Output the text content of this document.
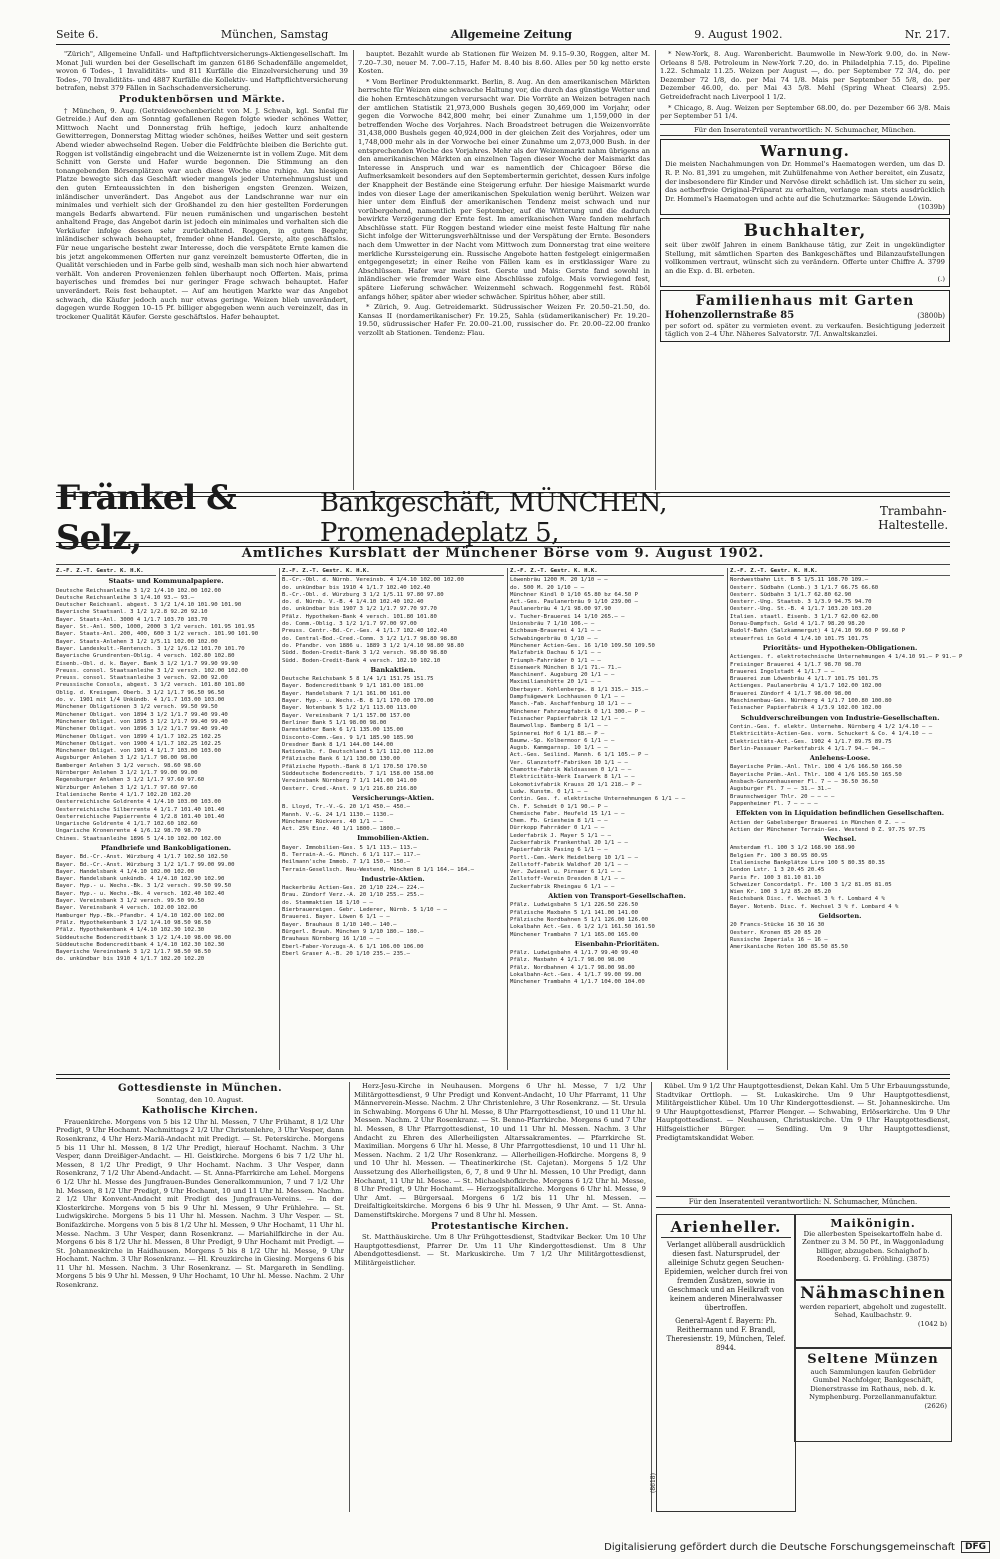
Seite 6.	München, Samstag	Allgemeine Zeitung	9. August 1902.	Nr. 217.

"Zürich", Allgemeine Unfall- und Haftpflichtversicherungs-Aktiengesellschaft. Im Monat Juli wurden bei der Gesellschaft im ganzen 6186 Schadenfälle angemeldet, wovon 6 Todes-, 1 Invaliditäts- und 811 Kurfälle die Einzelversicherung und 39 Todes-, 70 Invaliditäts- und 4887 Kurfälle die Kollektiv- und Haftpflichtversicherung betrafen, nebst 379 Fällen in Sachschadenversicherung.

Produktenbörsen und Märkte.

† München, 9. Aug. (Getreidewochenbericht von M. J. Schwab, kgl. Senfal für Getreide.) Auf den am Sonntag gefallenen Regen folgte wieder schönes Wetter, Mittwoch Nacht und Donnerstag früh heftige, jedoch kurz anhaltende Gewitterregen, Donnerstag Mittag wieder schönes, heißes Wetter und seit gestern Abend wieder abwechselnd Regen. Ueber die Feldfrüchte bleiben die Berichte gut. Roggen ist vollständig eingebracht und die Weizenernte ist in vollem Zuge. Mit dem Schnitt von Gerste und Hafer wurde begonnen. Die Stimmung an den tonangebenden Börsenplätzen war auch diese Woche eine ruhige. Am hiesigen Platze bewegte sich das Geschäft wieder mangels jeder Unternehmungslust und den guten Ernteaussichten in den bisherigen engsten Grenzen. Weizen, inländischer unverändert. Das Angebot aus der Landschranne war nur ein minimales und verhielt sich der Großhandel zu den hier gestellten Forderungen mangels Bedarfs abwartend. Für neuen rumänischen und ungarischen besteht anhaltend Frage, das Angebot darin ist jedoch ein minimales und verhalten sich die Verkäufer infolge dessen sehr zurückhaltend. Roggen, in gutem Begehr, inländischer schwach behauptet, fremder ohne Handel. Gerste, alte geschäftslos. Für neue ungarische besteht zwar Interesse, doch die verspätete Ernte kamen die bis jetzt angekommenen Offerten nur ganz vereinzelt bemusterte Offerten, die in Qualität verschieden und in Farbe gelb sind, weshalb man sich noch hier abwartend verhält. Von anderen Provenienzen fehlen überhaupt noch Offerten. Mais, prima bayerisches und fremdes bei nur geringer Frage schwach behauptet. Hafer unverändert. Reis fest behauptet. — Auf am heutigen Markte war das Angebot schwach, die Käufer jedoch auch nur etwas geringe. Weizen blieb unverändert, dagegen wurde Roggen 10–15 Pf. billiger abgegeben wenn auch vereinzelt, das in trockener Qualität Käufer. Gerste geschäftslos. Hafer behauptet.

bauptet. Bezahlt wurde ab Stationen für Weizen M. 9.15–9.30, Roggen, alter M. 7.20–7.30, neuer M. 7.00–7.15, Hafer M. 8.40 bis 8.60. Alles per 50 kg netto erste Kosten.

* Vom Berliner Produktenmarkt. Berlin, 8. Aug. An den amerikanischen Märkten herrschte für Weizen eine schwache Haltung vor, die durch das günstige Wetter und die hohen Ernteschätzungen verursacht war. Die Vorräte an Weizen betragen nach der amtlichen Statistik 21,973,000 Bushels gegen 30,469,000 im Vorjahr, oder gegen die Vorwoche 842,800 mehr, bei einer Zunahme um 1,159,000 in der betreffenden Woche des Vorjahres. Nach Broadstreet betrugen die Weizenvorräte 31,438,000 Bushels gegen 40,924,000 in der gleichen Zeit des Vorjahres, oder um 1,748,000 mehr als in der Vorwoche bei einer Zunahme um 2,073,000 Bush. in der entsprechenden Woche des Vorjahres. Mehr als der Weizenmarkt nahm übrigens an den amerikanischen Märkten an einzelnen Tagen dieser Woche der Maismarkt das Interesse in Anspruch und war es namentlich der Chicagoer Börse die Aufmerksamkeit besonders auf den Septembertermin gerichtet, dessen Kurs infolge der Knappheit der Bestände eine Steigerung erfuhr. Der hiesige Maismarkt wurde indes von dieser Lage der amerikanischen Spekulation wenig berührt. Weizen war hier unter dem Einfluß der amerikanischen Tendenz meist schwach und nur vorübergehend, namentlich per September, auf die Witterung und die dadurch bewirkte Verzögerung der Ernte fest. Im amerikanischen Ware fanden mehrfach Abschlüsse statt. Für Roggen bestand wieder eine meist feste Haltung für nahe Sicht infolge der Witterungsverhältnisse und der Verspätung der Ernte. Besonders nach dem Umwetter in der Nacht vom Mittwoch zum Donnerstag trat eine weitere merkliche Kurssteigerung ein. Russische Angebote hatten festgelegt einigermaßen entgegengesetzt; in einer Reihe von Fällen kam es in erstklassiger Ware zu Abschlüssen. Hafer war meist fest. Gerste und Mais: Gerste fand sowohl in inländischer wie fremder Ware eine Abschlüsse zufolge. Mais vorwiegend fest, spätere Lieferung schwächer. Weizenmehl schwach. Roggenmehl fest. Rüböl anfangs höher, später aber wieder schwächer. Spiritus höher, aber still.

* Zürich, 9. Aug. Getreidemarkt. Südrussischer Weizen Fr. 20.50–21.50, do. Kansas II (nordamerikanischer) Fr. 19.25, Sahla (südamerikanischer) Fr. 19.20–19.50, südrussischer Hafer Fr. 20.00–21.00, russischer do. Fr. 20.00–22.00 franko verzollt ab Stationen. Tendenz: Flau.

* New-York, 8. Aug. Warenbericht. Baumwolle in New-York 9.00, do. in New-Orleans 8 5/8. Petroleum in New-York 7.20, do. in Philadelphia 7.15, do. Pipeline 1.22. Schmalz 11.25. Weizen per August —, do. per September 72 3/4, do. per Dezember 72 1/8, do. per Mai 74 1/8. Mais per September 55 5/8, do. per Dezember 46.00, do. per Mai 43 5/8. Mehl (Spring Wheat Clears) 2.95. Getreidefracht nach Liverpool 1 1/2.

* Chicago, 8. Aug. Weizen per September 68.00, do. per Dezember 66 3/8. Mais per September 51 1/4.

Für den Inseratenteil verantwortlich: N. Schumacher, München.
Warnung.

Die meisten Nachahmungen von Dr. Hommel's Haematogen werden, um das D. R. P. No. 81,391 zu umgehen, mit Zuhülfenahme von Aether bereitet, ein Zusatz, der insbesondere für Kinder und Nervöse direkt schädlich ist. Um sicher zu sein, das aetherfreie Original-Präparat zu erhalten, verlange man stets ausdrücklich Dr. Hommel's Haematogen und achte auf die Schutzmarke: Säugende Löwin.

(1039b)
Buchhalter,

seit über zwölf Jahren in einem Bankhause tätig, zur Zeit in ungekündigter Stellung, mit sämtlichen Sparten des Bankgeschäftes und Bilanzaufstellungen vollkommen vertraut, wünscht sich zu verändern. Offerte unter Chiffre A. 3799 an die Exp. d. Bl. erbeten.

(.)
Familienhaus mit Garten
Hohenzollernstraße 85	(3800b)

per sofort od. später zu vermieten event. zu verkaufen. Besichtigung jederzeit täglich von 2–4 Uhr. Näheres Salvatorstr. 7/I. Anwaltskanzlei.

Fränkel & Selz,
Bankgeschäft, MÜNCHEN, Promenadeplatz 5,
Trambahn-Haltestelle.
Amtliches Kursblatt der Münchener Börse vom 9. August 1902.
Z.-F. Z.-T. Gestr. K. H.K.
Staats- und Kommunalpapiere.
Deutsche Reichsanleihe 3 1/2 1/4.10 102.00 102.00
Deutsche Reichsanleihe 3 1/4.10 93.— 93.—
Deutscher Reichsanl. abgest. 3 1/2 1/4.10 101.90 101.90
Bayerische Staatsanl. 3 1/2 1/2.8 92.20 92.10
Bayer. Staats-Anl. 3000 4 1/1.7 103.70 103.70
Bayer. St.-Anl. 500, 1000, 2000 3 1/2 versch. 101.95 101.95
Bayer. Staats-Anl. 200, 400, 600 3 1/2 versch. 101.90 101.90
Bayer. Staats-Anlehen 3 1/2 1/5.11 102.00 102.00
Bayer. Landeskult.-Rentensch. 3 1/2 1/6.12 101.70 101.70
Bayerische Grundrenten-Oblig. 4 versch. 102.80 102.80
Eisenb.-Obl. d. k. Bayer. Bank 3 1/2 1/1.7 99.90 99.90
Preuss. consol. Staatsanleihe 3 1/2 versch. 102.00 102.00
Preuss. consol. Staatsanleihe 3 versch. 92.00 92.00
Preussische Consols, abgest. 3 1/2 versch. 101.80 101.80
Oblig. d. Kreisgem. Oberb. 3 1/2 1/1.7 96.50 96.50
do. v. 1901 mit 1/4 Unkündb. 4 1/1.7 103.00 103.00
Münchener Obligationen 3 1/2 versch. 99.50 99.50
Münchener Obligat. von 1894 3 1/2 1/1.7 99.40 99.40
Münchener Obligat. von 1895 3 1/2 1/1.7 99.40 99.40
Münchener Obligat. von 1896 3 1/2 1/1.7 99.40 99.40
Münchener Obligat. von 1899 4 1/1.7 102.25 102.25
Münchener Obligat. von 1900 4 1/1.7 102.25 102.25
Münchener Obligat. von 1901 4 1/1.7 103.00 103.00
Augsburger Anlehen 3 1/2 1/1.7 98.00 98.00
Bamberger Anlehen 3 1/2 versch. 98.60 98.60
Nürnberger Anlehen 3 1/2 1/1.7 99.00 99.00
Regensburger Anlehen 3 1/2 1/1.7 97.60 97.60
Würzburger Anlehen 3 1/2 1/1.7 97.60 97.60
Italienische Rente 4 1/1.7 102.20 102.20
Oesterreichische Goldrente 4 1/4.10 103.00 103.00
Oesterreichische Silberrente 4 1/1.7 101.40 101.40
Oesterreichische Papierrente 4 1/2.8 101.40 101.40
Ungarische Goldrente 4 1/1.7 102.60 102.60
Ungarische Kronenrente 4 1/6.12 98.70 98.70
Chines. Staatsanleihe 1896 5 1/4.10 102.00 102.00
Pfandbriefe und Bankobligationen.
Bayer. Bd.-Cr.-Anst. Würzburg 4 1/1.7 102.50 102.50
Bayer. Bd.-Cr.-Anst. Würzburg 3 1/2 1/1.7 99.00 99.00
Bayer. Handelsbank 4 1/4.10 102.00 102.00
Bayer. Handelsbank unkündb. 4 1/4.10 102.90 102.90
Bayer. Hyp.- u. Wechs.-Bk. 3 1/2 versch. 99.50 99.50
Bayer. Hyp.- u. Wechs.-Bk. 4 versch. 102.40 102.40
Bayer. Vereinsbank 3 1/2 versch. 99.50 99.50
Bayer. Vereinsbank 4 versch. 102.00 102.00
Hamburger Hyp.-Bk.-Pfandbr. 4 1/4.10 102.00 102.00
Pfälz. Hypothekenbank 3 1/2 1/4.10 98.50 98.50
Pfälz. Hypothekenbank 4 1/4.10 102.30 102.30
Süddeutsche Bodencreditbank 3 1/2 1/4.10 98.00 98.00
Süddeutsche Bodencreditbank 4 1/4.10 102.30 102.30
Bayerische Vereinsbank 3 1/2 1/1.7 98.50 98.50
do. unkündbar bis 1910 4 1/1.7 102.20 102.20
Z.-F. Z.-T. Gestr. K. H.K.
B.-Cr.-Obl. d. Nürnb. Vereinsb. 4 1/4.10 102.00 102.00
do. unkündbar bis 1910 4 1/1.7 102.40 102.40
B.-Cr.-Obl. d. Würzburg 3 1/2 1/5.11 97.80 97.80
do. d. Nürnb. V.-B. 4 1/4.10 102.40 102.40
do. unkündbar bis 1907 3 1/2 1/1.7 97.70 97.70
Pfälz. Hypotheken-Bank 4 versch. 101.80 101.80
do. Comm.-Oblig. 3 1/2 1/1.7 97.00 97.00
Preuss. Centr.-Bd.-Cr.-Ges. 4 1/1.7 102.40 102.40
do. Central-Bod.-Cred.-Comm. 3 1/2 1/1.7 98.80 98.80
do. Pfandbr. von 1886 u. 1889 3 1/2 1/4.10 98.80 98.80
Südd. Boden-Credit-Bank 3 1/2 versch. 98.80 98.80
Südd. Boden-Credit-Bank 4 versch. 102.10 102.10
Bankaktien.
Deutsche Reichsbank 5 8 1/4 1/1 151.75 151.75
Bayer. Bodencreditbank 9 1/1 181.00 181.00
Bayer. Handelsbank 7 1/1 161.00 161.00
Bayer. Hyp.- u. Wechs.-B. 8 1/1 170.00 170.00
Bayer. Notenbank 5 1/2 1/1 113.00 113.00
Bayer. Vereinsbank 7 1/1 157.00 157.00
Berliner Bank 5 1/1 98.00 98.00
Darmstädter Bank 6 1/1 135.00 135.00
Disconto-Comm.-Ges. 9 1/1 185.90 185.90
Dresdner Bank 8 1/1 144.00 144.00
Nationalb. f. Deutschland 5 1/1 112.00 112.00
Pfälzische Bank 6 1/1 130.00 130.00
Pfälzische Hypoth.-Bank 8 1/1 170.50 170.50
Süddeutsche Bodencreditb. 7 1/1 158.00 158.00
Vereinsbank Nürnberg 7 1/1 141.00 141.00
Oesterr. Cred.-Anst. 9 1/1 216.80 216.80
Versicherungs-Aktien.
B. Lloyd, Tr.-V.-G. 20 1/1 450.— 450.—
Mannh. V.-G. 24 1/1 1130.— 1130.—
Münchener Rückvers. 40 1/1 — —
Act. 25% Einz. 40 1/1 1800.— 1800.—
Immobilien-Aktien.
Bayer. Immobilien-Ges. 5 1/1 113.— 113.—
B. Terrain-A.-G. Münch. 6 1/1 117.— 117.—
Heilmann'sche Immob. 7 1/1 150.— 150.—
Terrain-Gesellsch. Neu-Westend, München 8 1/1 164.— 164.—
Industrie-Aktien.
Hackerbräu Actien-Ges. 20 1/10 224.— 224.—
Brau. Zündorf Verz.-A. 20 1/10 255.— 255.—
do. Stammaktien 18 1/10 — —
Bierbrauereigen. Gebr. Lederer, Nürnb. 5 1/10 — —
Brauerei. Bayer. Löwen 6 1/1 — —
Bayer. Brauhaus 8 1/10 140.— 140.—
Bürgerl. Brauh. München 9 1/10 180.— 180.—
Brauhaus Nürnberg 16 1/10 — —
Eberl-Faber-Vorzugs-A. 6 1/1 106.00 106.00
Eberl Graser A.-B. 20 1/10 235.— 235.—
Z.-F. Z.-T. Gestr. K. H.K.
Löwenbräu 1200 M. 20 1/10 — —
do. 500 M. 20 1/10 — —
Münchner Kindl 0 1/10 65.80 bz 64.50 P
Act.-Ges. Paulanerbräu 9 1/10 239.00 —
Paulanerbräu 4 1/1 98.00 97.90
v. Tucher-Brauerei 14 1/10 265.— —
Unionsbräu 7 1/10 106.— —
Eichbaum-Brauerei 4 1/1 — —
Schwabingerbräu 0 1/10 — —
Münchener Actien-Ges. 16 1/10 109.50 109.50
Malzfabrik Dachau 6 1/1 — —
Triumph-Fahrräder 0 1/1 — —
Eisenwerk München 8 1/1 71.— 71.—
Maschinenf. Augsburg 20 1/1 — —
Maximilianshütte 20 1/1 — —
Oberbayer. Kohlenbergw. 8 1/1 315.— 315.—
Dampfsägewerk Lochhausen 0 1/1 — —
Masch.-Fab. Aschaffenburg 10 1/1 — —
Münchener Fahrzeugfabrik 0 1/1 300.— P —
Teisnacher Papierfabrik 12 1/1 — —
Baumwollsp. Bamberg 8 1/1 — —
Spinnerei Hof 6 1/1 88.— P —
Baumw.-Sp. Kolbermoor 6 1/1 — —
Augsb. Kammgarnsp. 10 1/1 — —
Act.-Ges. Seilind. Mannh. 6 1/1 105.— P —
Ver. Glanzstoff-Fabriken 10 1/1 — —
Chamotte-Fabrik Waldsassen 0 1/1 — —
Elektricitäts-Werk Isarwerk 8 1/1 — —
Lokomotivfabrik Krauss 20 1/1 218.— P —
Ludw. Kunstm. 0 1/1 — —
Contin. Ges. f. elektrische Unternehmungen 6 1/1 — —
Ch. F. Schmidt 0 1/1 90.— P —
Chemische Fabr. Heufeld 15 1/1 — —
Chem. Fb. Griesheim 8 1/1 — —
Dürrkopp Fahrräder 0 1/1 — —
Lederfabrik J. Mayer 5 1/1 — —
Zuckerfabrik Frankenthal 20 1/1 — —
Papierfabrik Pasing 6 1/1 — —
Portl.-Cem.-Werk Heidelberg 10 1/1 — —
Zellstoff-Fabrik Waldhof 20 1/1 — —
Ver. Zwiesel u. Pirnaer 6 1/1 — —
Zellstoff-Verein Dresden 8 1/1 — —
Zuckerfabrik Rheingau 6 1/1 — —
Aktien von Transport-Gesellschaften.
Pfälz. Ludwigsbahn 5 1/1 226.50 226.50
Pfälzische Maxbahn 5 1/1 141.00 141.00
Pfälzische Nordbahnen 5 1/1 126.00 126.00
Lokalbahn Act.-Ges. 6 1/2 1/1 161.50 161.50
Münchener Trambahn 7 1/1 165.00 165.00
Eisenbahn-Prioritäten.
Pfälz. Ludwigsbahn 4 1/1.7 99.40 99.40
Pfälz. Maxbahn 4 1/1.7 98.00 98.00
Pfälz. Nordbahnen 4 1/1.7 98.00 98.00
Lokalbahn-Act.-Ges. 4 1/1.7 99.00 99.00
Münchener Trambahn 4 1/1.7 104.00 104.00
Z.-F. Z.-T. Gestr. K. H.K.
Nordwestbahn Lit. B 5 1/5.11 108.70 109.—
Oesterr. Südbahn (Lomb.) 3 1/1.7 66.75 66.60
Oesterr. Südbahn 3 1/1.7 62.80 62.90
Oesterr.-Ung. Staatsb. 3 1/3.9 94.75 94.70
Oesterr.-Ung. St.-B. 4 1/1.7 103.20 103.20
Italien. staatl. Eisenb. 3 1/1.7 62.00 62.00
Donau-Dampfsch. Gold 4 1/1.7 98.20 98.20
Rudolf-Bahn (Salzkammergut) 4 1/4.10 99.60 P 99.60 P
steuerfrei in Gold 4 1/4.10 101.75 101.75
Prioritäts- und Hypotheken-Obligationen.
Actienges. f. elektrotechnische Unternehmungen 4 1/4.10 91.— P 91.— P
Freisinger Brauerei 4 1/1.7 98.70 98.70
Brauerei Ingolstadt 4 1/1.7 — —
Brauerei zum Löwenbräu 4 1/1.7 101.75 101.75
Actienges. Paulanerbräu 4 1/1.7 102.00 102.00
Brauerei Zündorf 4 1/1.7 98.00 98.00
Maschinenbau-Ges. Nürnberg 4 1/1.7 100.80 100.80
Teisnacher Papierfabrik 4 1/3.9 102.00 102.00
Schuldverschreibungen von Industrie-Gesellschaften.
Contin.-Ges. f. elektr. Unternehm. Nürnberg 4 1/2 1/4.10 — —
Elektricitäts-Actien-Ges. vorm. Schuckert & Co. 4 1/4.10 — —
Elektricitäts-Act.-Ges. 1902 4 1/1.7 89.75 89.75
Berlin-Passauer Parketfabrik 4 1/1.7 94.— 94.—
Anlehens-Loose.
Bayerische Präm.-Anl. Thlr. 100 4 1/6 166.50 166.50
Bayerische Präm.-Anl. Thlr. 100 4 1/6 165.50 165.50
Ansbach-Gunzenhausener Fl. 7 — — 36.50 36.50
Augsburger Fl. 7 — — 31.— 31.—
Braunschweiger Thlr. 20 — — — —
Pappenheimer Fl. 7 — — — —
Effekten von in Liquidation befindlichen Gesellschaften.
Actien der Gabelsberger Brauerei in München 0 Z. — —
Actien der Münchener Terrain-Ges. Westend 0 Z. 97.75 97.75
Wechsel.
Amsterdam fl. 100 3 1/2 168.90 168.90
Belgien Fr. 100 3 80.95 80.95
Italienische Bankplätze Lire 100 5 80.35 80.35
London Lstr. 1 3 20.45 20.45
Paris Fr. 100 3 81.10 81.10
Schweizer Concordatpl. Fr. 100 3 1/2 81.05 81.05
Wien Kr. 100 3 1/2 85.20 85.20
Reichsbank Disc. f. Wechsel 3 % f. Lombard 4 %
Bayer. Notenb. Disc. f. Wechsel 3 % f. Lombard 4 %
Geldsorten.
20 Francs-Stücke 16 30 16 30
Oesterr. Kronen 85 20 85 20
Russische Imperials 16 — 16 —
Amerikanische Noten 100 85.50 85.50
Gottesdienste in München.
Sonntag, den 10. August.
Katholische Kirchen.

Frauenkirche. Morgens von 5 bis 12 Uhr hl. Messen, 7 Uhr Frühamt, 8 1/2 Uhr Predigt, 9 Uhr Hochamt. Nachmittags 2 1/2 Uhr Christenlehre, 3 Uhr Vesper, dann Rosenkranz, 4 Uhr Herz-Mariä-Andacht mit Predigt. — St. Peterskirche. Morgens 5 bis 11 Uhr hl. Messen, 8 1/2 Uhr Predigt, hierauf Hochamt. Nachm. 3 Uhr Vesper, dann Dreißiger-Andacht. — Hl. Geistkirche. Morgens 6 bis 7 1/2 Uhr hl. Messen, 8 1/2 Uhr Predigt, 9 Uhr Hochamt. Nachm. 3 Uhr Vesper, dann Rosenkranz, 7 1/2 Uhr Abend-Andacht. — St. Anna-Pfarrkirche am Lehel. Morgens 6 1/2 Uhr hl. Messe des Jungfrauen-Bundes Generalkommunion, 7 und 7 1/2 Uhr hl. Messen, 8 1/2 Uhr Predigt, 9 Uhr Hochamt, 10 und 11 Uhr hl. Messen. Nachm. 2 1/2 Uhr Konvent-Andacht mit Predigt des Jungfrauen-Vereins. — In der Klosterkirche. Morgens von 5 bis 9 Uhr hl. Messen, 9 Uhr Frühlehre. — St. Ludwigskirche. Morgens 5 bis 11 Uhr hl. Messen. Nachm. 3 Uhr Vesper. — St. Bonifazkirche. Morgens von 5 bis 8 1/2 Uhr hl. Messen, 9 Uhr Hochamt, 11 Uhr hl. Messe. Nachm. 3 Uhr Vesper, dann Rosenkranz. — Mariahilfkirche in der Au. Morgens 6 bis 8 1/2 Uhr hl. Messen, 8 Uhr Predigt, 9 Uhr Hochamt mit Predigt. — St. Johanneskirche in Haidhausen. Morgens 5 bis 8 1/2 Uhr hl. Messe, 9 Uhr Hochamt. Nachm. 3 Uhr Rosenkranz. — Hl. Kreuzkirche in Giesing. Morgens 6 bis 11 Uhr hl. Messen. Nachm. 3 Uhr Rosenkranz. — St. Margareth in Sendling. Morgens 5 bis 9 Uhr hl. Messen, 9 Uhr Hochamt, 10 Uhr hl. Messe. Nachm. 2 Uhr Rosenkranz.

Herz-Jesu-Kirche in Neuhausen. Morgens 6 Uhr hl. Messe, 7 1/2 Uhr Militärgottesdienst, 9 Uhr Predigt und Konvent-Andacht, 10 Uhr Pfarramt, 11 Uhr Männerverein-Messe. Nachm. 2 Uhr Christenlehre, 3 Uhr Rosenkranz. — St. Ursula in Schwabing. Morgens 6 Uhr hl. Messe, 8 Uhr Pfarrgottesdienst, 10 und 11 Uhr hl. Messen. Nachm. 2 Uhr Rosenkranz. — St. Benno-Pfarrkirche. Morgens 6 und 7 Uhr hl. Messen, 8 Uhr Pfarrgottesdienst, 10 und 11 Uhr hl. Messen. Nachm. 3 Uhr Andacht zu Ehren des Allerheiligsten Altarssakramentes. — Pfarrkirche St. Maximilian. Morgens 6 Uhr hl. Messe, 8 Uhr Pfarrgottesdienst, 10 und 11 Uhr hl. Messen. Nachm. 2 1/2 Uhr Rosenkranz. — Allerheiligen-Hofkirche. Morgens 8, 9 und 10 Uhr hl. Messen. — Theatinerkirche (St. Cajetan). Morgens 5 1/2 Uhr Aussetzung des Allerheiligsten, 6, 7, 8 und 9 Uhr hl. Messen, 10 Uhr Predigt, dann Hochamt, 11 Uhr hl. Messe. — St. Michaelshofkirche. Morgens 6 1/2 Uhr hl. Messe, 8 Uhr Predigt, 9 Uhr Hochamt. — Herzogspitalkirche. Morgens 6 Uhr hl. Messe, 9 Uhr Amt. — Bürgersaal. Morgens 6 1/2 bis 11 Uhr hl. Messen. — Dreifaltigkeitskirche. Morgens 6 bis 9 Uhr hl. Messen, 9 Uhr Amt. — St. Anna-Damenstiftskirche. Morgens 7 und 8 Uhr hl. Messen.

Protestantische Kirchen.

St. Matthäuskirche. Um 8 Uhr Frühgottesdienst, Stadtvikar Becker. Um 10 Uhr Hauptgottesdienst, Pfarrer Dr. Um 11 Uhr Kindergottesdienst. Um 8 Uhr Abendgottesdienst. — St. Markuskirche. Um 7 1/2 Uhr Militärgottesdienst, Militärgeistlicher.

Kübel. Um 9 1/2 Uhr Hauptgottesdienst, Dekan Kahl. Um 5 Uhr Erbauungsstunde, Stadtvikar Orttloph. — St. Lukaskirche. Um 9 Uhr Hauptgottesdienst, Militärgeistlicher Kübel. Um 10 Uhr Kindergottesdienst. — St. Johanneskirche. Um 9 Uhr Hauptgottesdienst, Pfarrer Plenger. — Schwabing, Erlöserkirche. Um 9 Uhr Hauptgottesdienst. — Neuhausen, Christuskirche. Um 9 Uhr Hauptgottesdienst, Hilfsgeistlicher Bürger. — Sendling. Um 9 Uhr Hauptgottesdienst, Predigtamtskandidat Weber.

Für den Inseratenteil verantwortlich: N. Schumacher, München.
Arienheller.

Verlanget allüberall ausdrücklich diesen fast. Natursprudel, der alleinige Schutz gegen Seuchen-Epidemien, welcher durch frei von fremden Zusätzen, sowie in Geschmack und an Heilkraft von keinem anderen Mineralwasser übertroffen.

General-Agent f. Bayern: Ph. Reithermann und F. Brandl, Theresienstr. 19, München, Telef. 8944.

(8618)
Maikönigin.
Die allerbesten Speisekartoffeln habe d. Zentner zu 3 M. 50 Pf., in Waggonladung billiger, abzugeben. Schaighof b. Roedenberg. G. Fröhling. (3875)
Nähmaschinen
werden repariert, abgeholt und zugestellt. Sehad, Kaulbachstr. 9.
(1042 b)
Seltene Münzen
auch Sammlungen kaufen Gebrüder Gumbel Nachfolger, Bankgeschäft, Dienerstrasse im Rathaus, neb. d. k. Nymphenburg. Porzellanmanufaktur.
(2626)
Digitalisierung gefördert durch die Deutsche Forschungsgemeinschaft	DFG
